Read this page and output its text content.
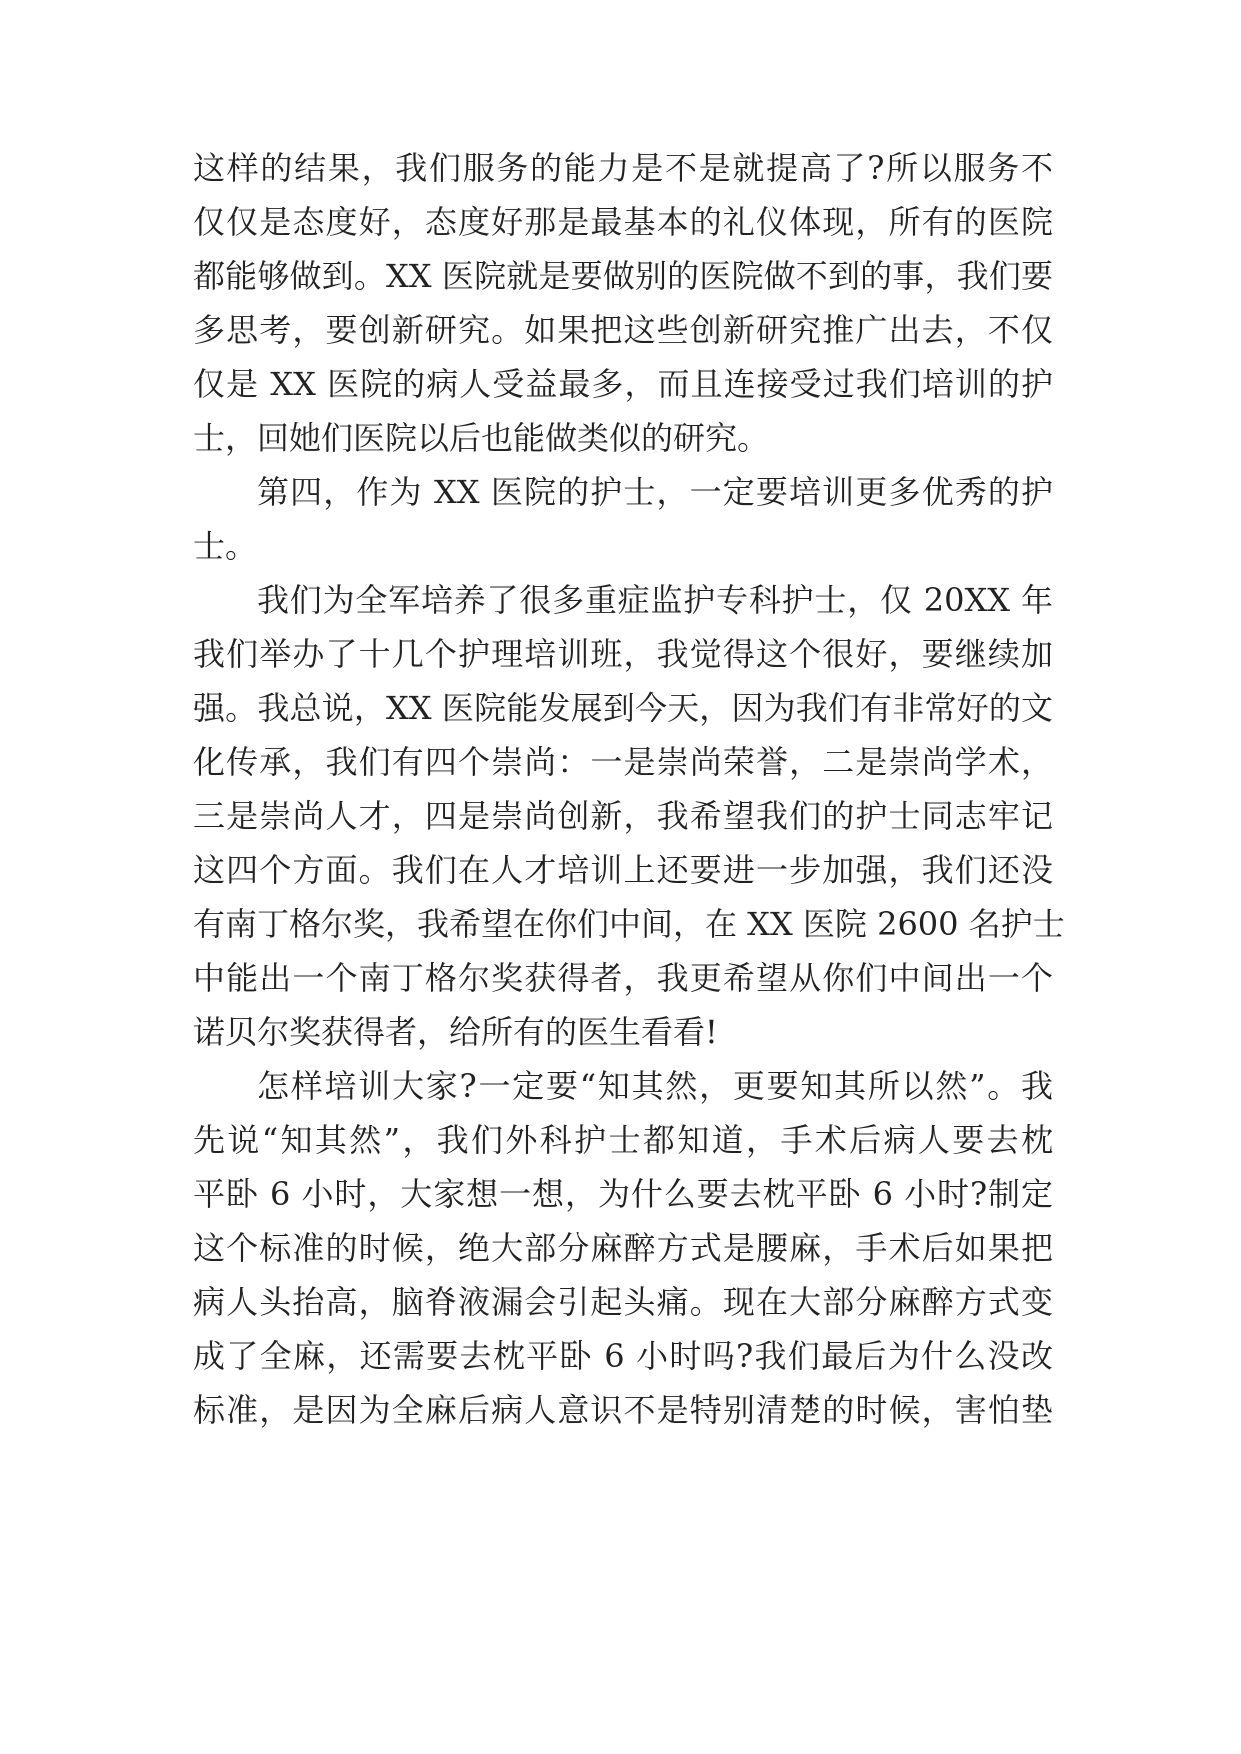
这样的结果，我们服务的能力是不是就提高了?所以服务不
仅仅是态度好，态度好那是最基本的礼仪体现，所有的医院
都能够做到。XX 医院就是要做别的医院做不到的事，我们要
多思考，要创新研究。如果把这些创新研究推广出去，不仅
仅是 XX 医院的病人受益最多，而且连接受过我们培训的护
士，回她们医院以后也能做类似的研究。
第四，作为 XX 医院的护士，一定要培训更多优秀的护
士。
我们为全军培养了很多重症监护专科护士，仅 20XX 年
我们举办了十几个护理培训班，我觉得这个很好，要继续加
强。我总说，XX 医院能发展到今天，因为我们有非常好的文
化传承，我们有四个崇尚：一是崇尚荣誉，二是崇尚学术，
三是崇尚人才，四是崇尚创新，我希望我们的护士同志牢记
这四个方面。我们在人才培训上还要进一步加强，我们还没
有南丁格尔奖，我希望在你们中间，在 XX 医院 2600 名护士
中能出一个南丁格尔奖获得者，我更希望从你们中间出一个
诺贝尔奖获得者，给所有的医生看看!
怎样培训大家?一定要“知其然，更要知其所以然”。我
先说“知其然”，我们外科护士都知道，手术后病人要去枕
平卧 6 小时，大家想一想，为什么要去枕平卧 6 小时?制定
这个标准的时候，绝大部分麻醉方式是腰麻，手术后如果把
病人头抬高，脑脊液漏会引起头痛。现在大部分麻醉方式变
成了全麻，还需要去枕平卧 6 小时吗?我们最后为什么没改
标准，是因为全麻后病人意识不是特别清楚的时候，害怕垫
